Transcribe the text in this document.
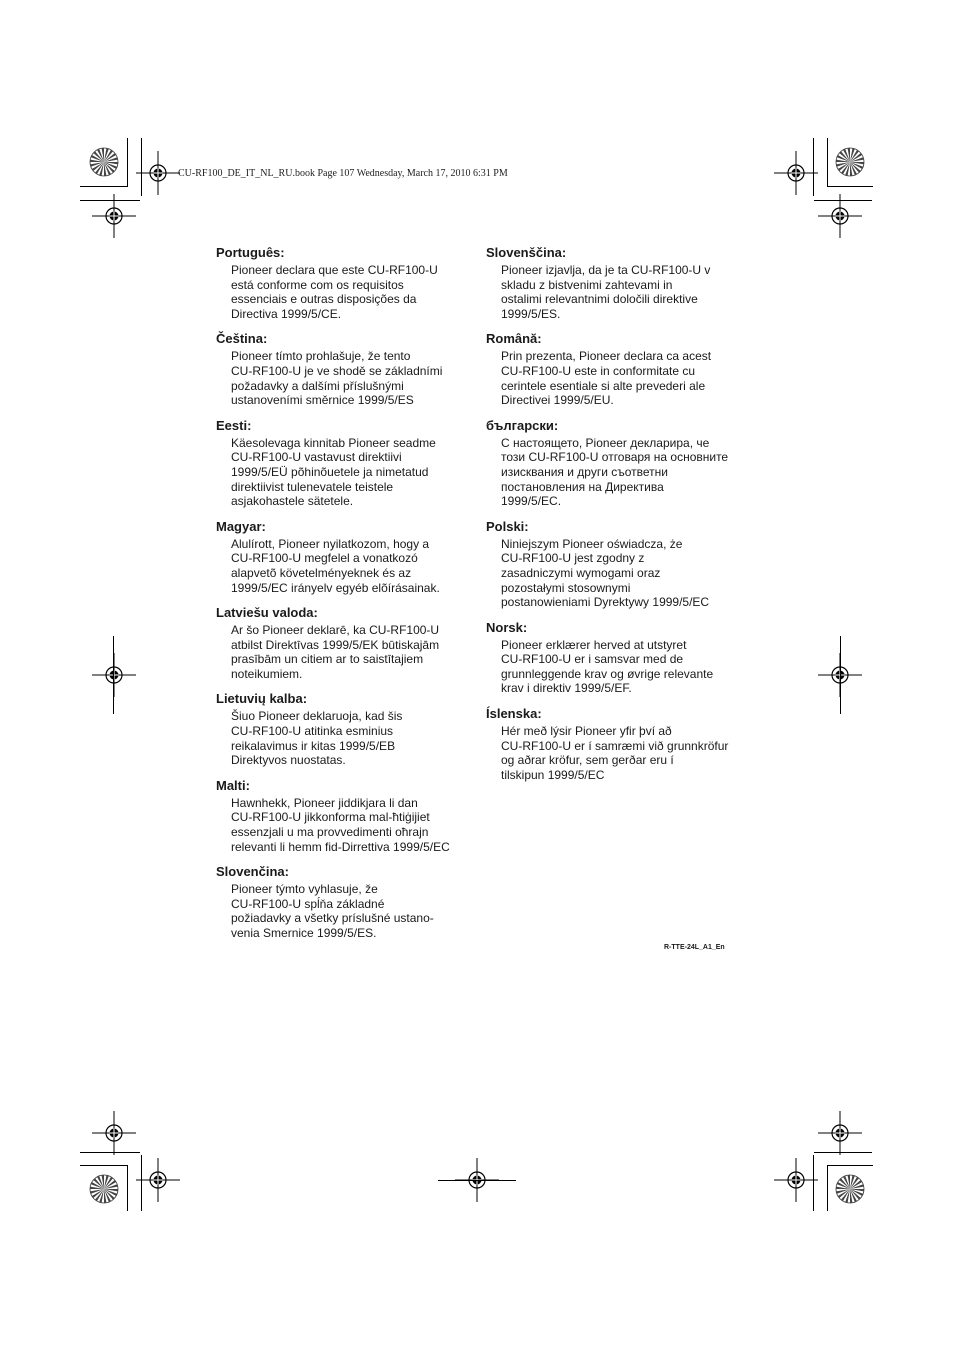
CU-RF100_DE_IT_NL_RU.book Page 107 Wednesday, March 17, 2010 6:31 PM
Português:

Pioneer declara que este CU-RF100-U
está conforme com os requisitos
essenciais e outras disposições da
Directiva 1999/5/CE.

Čeština:

Pioneer tímto prohlašuje, že tento
CU-RF100-U je ve shodě se základními
požadavky a dalšími příslušnými
ustanoveními směrnice 1999/5/ES

Eesti:

Käesolevaga kinnitab Pioneer seadme
CU-RF100-U vastavust direktiivi
1999/5/EÜ põhinõuetele ja nimetatud
direktiivist tulenevatele teistele
asjakohastele sätetele.

Magyar:

Alulírott, Pioneer nyilatkozom, hogy a
CU-RF100-U megfelel a vonatkozó
alapvetõ követelményeknek és az
1999/5/EC irányelv egyéb elõírásainak.

Latviešu valoda:

Ar šo Pioneer deklarē, ka CU-RF100-U
atbilst Direktīvas 1999/5/EK būtiskajām
prasībām un citiem ar to saistītajiem
noteikumiem.

Lietuvių kalba:

Šiuo Pioneer deklaruoja, kad šis
CU-RF100-U atitinka esminius
reikalavimus ir kitas 1999/5/EB
Direktyvos nuostatas.

Malti:

Hawnhekk, Pioneer jiddikjara li dan
CU-RF100-U jikkonforma mal-ħtiġijiet
essenzjali u ma provvedimenti oħrajn
relevanti li hemm fid-Dirrettiva 1999/5/EC

Slovenčina:

Pioneer týmto vyhlasuje, že
CU-RF100-U spĺňa základné
požiadavky a všetky príslušné ustano-
venia Smernice 1999/5/ES.

Slovenščina:

Pioneer izjavlja, da je ta CU-RF100-U v
skladu z bistvenimi zahtevami in
ostalimi relevantnimi določili direktive
1999/5/ES.

Română:

Prin prezenta, Pioneer declara ca acest
CU-RF100-U este in conformitate cu
cerintele esentiale si alte prevederi ale
Directivei 1999/5/EU.

български:

С настоящето, Pioneer декларира, че
този CU-RF100-U отговаря на основните
изисквания и други съответни
постановления на Директива
1999/5/EC.

Polski:

Niniejszym Pioneer oświadcza, że
CU-RF100-U jest zgodny z
zasadniczymi wymogami oraz
pozostałymi stosownymi
postanowieniami Dyrektywy 1999/5/EC

Norsk:

Pioneer erklærer herved at utstyret
CU-RF100-U er i samsvar med de
grunnleggende krav og øvrige relevante
krav i direktiv 1999/5/EF.

Íslenska:

Hér með lýsir Pioneer yfir því að
CU-RF100-U er í samræmi við grunnkröfur
og aðrar kröfur, sem gerðar eru í
tilskipun 1999/5/EC

R-TTE-24L_A1_En
